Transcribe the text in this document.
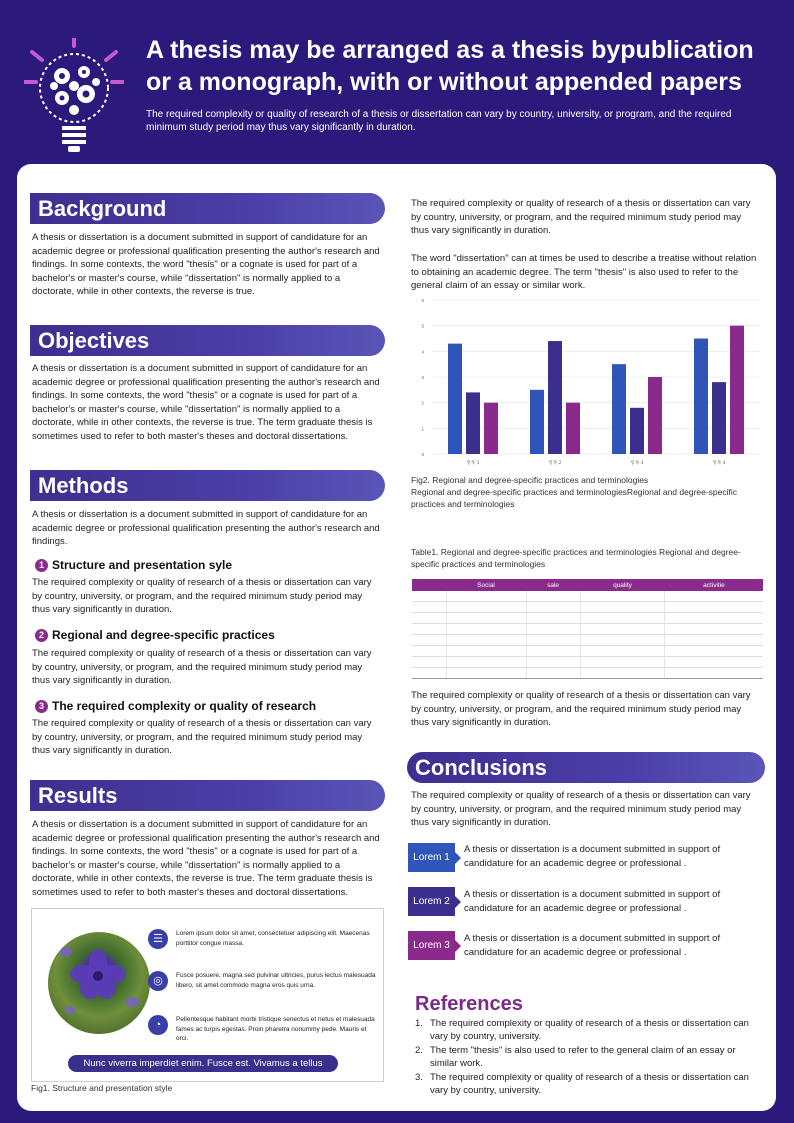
A thesis may be arranged as a thesis bypublication or a monograph, with or without appended papers

The required complexity or quality of research of a thesis or dissertation can vary by country, university, or program, and the required minimum study period may thus vary significantly in duration.

Background

A thesis or dissertation is a document submitted in support of candidature for an academic degree or professional qualification presenting the author's research and findings. In some contexts, the word "thesis" or a cognate is used for part of a bachelor's or master's course, while "dissertation" is normally applied to a doctorate, while in other contexts, the reverse is true.

Objectives

A thesis or dissertation is a document submitted in support of candidature for an academic degree or professional qualification presenting the author's research and findings. In some contexts, the word "thesis" or a cognate is used for part of a bachelor's or master's course, while "dissertation" is normally applied to a doctorate, while in other contexts, the reverse is true. The term graduate thesis is sometimes used to refer to both master's theses and doctoral dissertations.

Methods

A thesis or dissertation is a document submitted in support of candidature for an academic degree or professional qualification presenting the author's research and findings.

1 Structure and presentation syle

The required complexity or quality of research of a thesis or dissertation can vary by country, university, or program, and the required minimum study period may thus vary significantly in duration.

2 Regional and degree-specific practices

The required complexity or quality of research of a thesis or dissertation can vary by country, university, or program, and the required minimum study period may thus vary significantly in duration.

3 The required complexity or quality of research

The required complexity or quality of research of a thesis or dissertation can vary by country, university, or program, and the required minimum study period may thus vary significantly in duration.

Results

A thesis or dissertation is a document submitted in support of candidature for an academic degree or professional qualification presenting the author's research and findings. In some contexts, the word "thesis" or a cognate is used for part of a bachelor's or master's course, while "dissertation" is normally applied to a doctorate, while in other contexts, the reverse is true. The term graduate thesis is sometimes used to refer to both master's theses and doctoral dissertations.

☰	Lorem ipsum dolor sit amet, consectetuer adipiscing elit. Maecenas porttitor congue massa.
◎	Fusce posuere, magna sed pulvinar ultricies, purus lectus malesuada libero, sit amet commodo magna eros quis urna.
◔	Pellentesque habitant morbi tristique senectus et netus et malesuada fames ac turpis egestas. Proin pharetra nonummy pede. Mauris et orci.
Nunc viverra imperdiet enim. Fusce est. Vivamus a tellus

Fig1. Structure and presentation style

The required complexity or quality of research of a thesis or dissertation can vary by country, university, or program, and the required minimum study period may thus vary significantly in duration.

The word "dissertation" can at times be used to describe a treatise without relation to obtaining an academic degree. The term "thesis" is also used to refer to the general claim of an essay or similar work.

0
1
2
3
4
5
6
항목 1	항목 2	항목 3	항목 4

Fig2. Regional and degree-specific practices and terminologies

Regional and degree-specific practices and terminologiesRegional and degree-specific practices and terminologies

Table1. Regional and degree-specific practices and terminologies Regional and degree-specific practices and terminologies

	Social	sale	quality	activitie

The required complexity or quality of research of a thesis or dissertation can vary by country, university, or program, and the required minimum study period may thus vary significantly in duration.

Conclusions

The required complexity or quality of research of a thesis or dissertation can vary by country, university, or program, and the required minimum study period may thus vary significantly in duration.

Lorem 1
A thesis or dissertation is a document submitted in support of candidature for an academic degree or professional .
Lorem 2
A thesis or dissertation is a document submitted in support of candidature for an academic degree or professional .
Lorem 3
A thesis or dissertation is a document submitted in support of candidature for an academic degree or professional .
References
1. The required complexity or quality of research of a thesis or dissertation can vary by country, university.
2. The term "thesis" is also used to refer to the general claim of an essay or similar work.
3. The required complexity or quality of research of a thesis or dissertation can vary by country, university.
